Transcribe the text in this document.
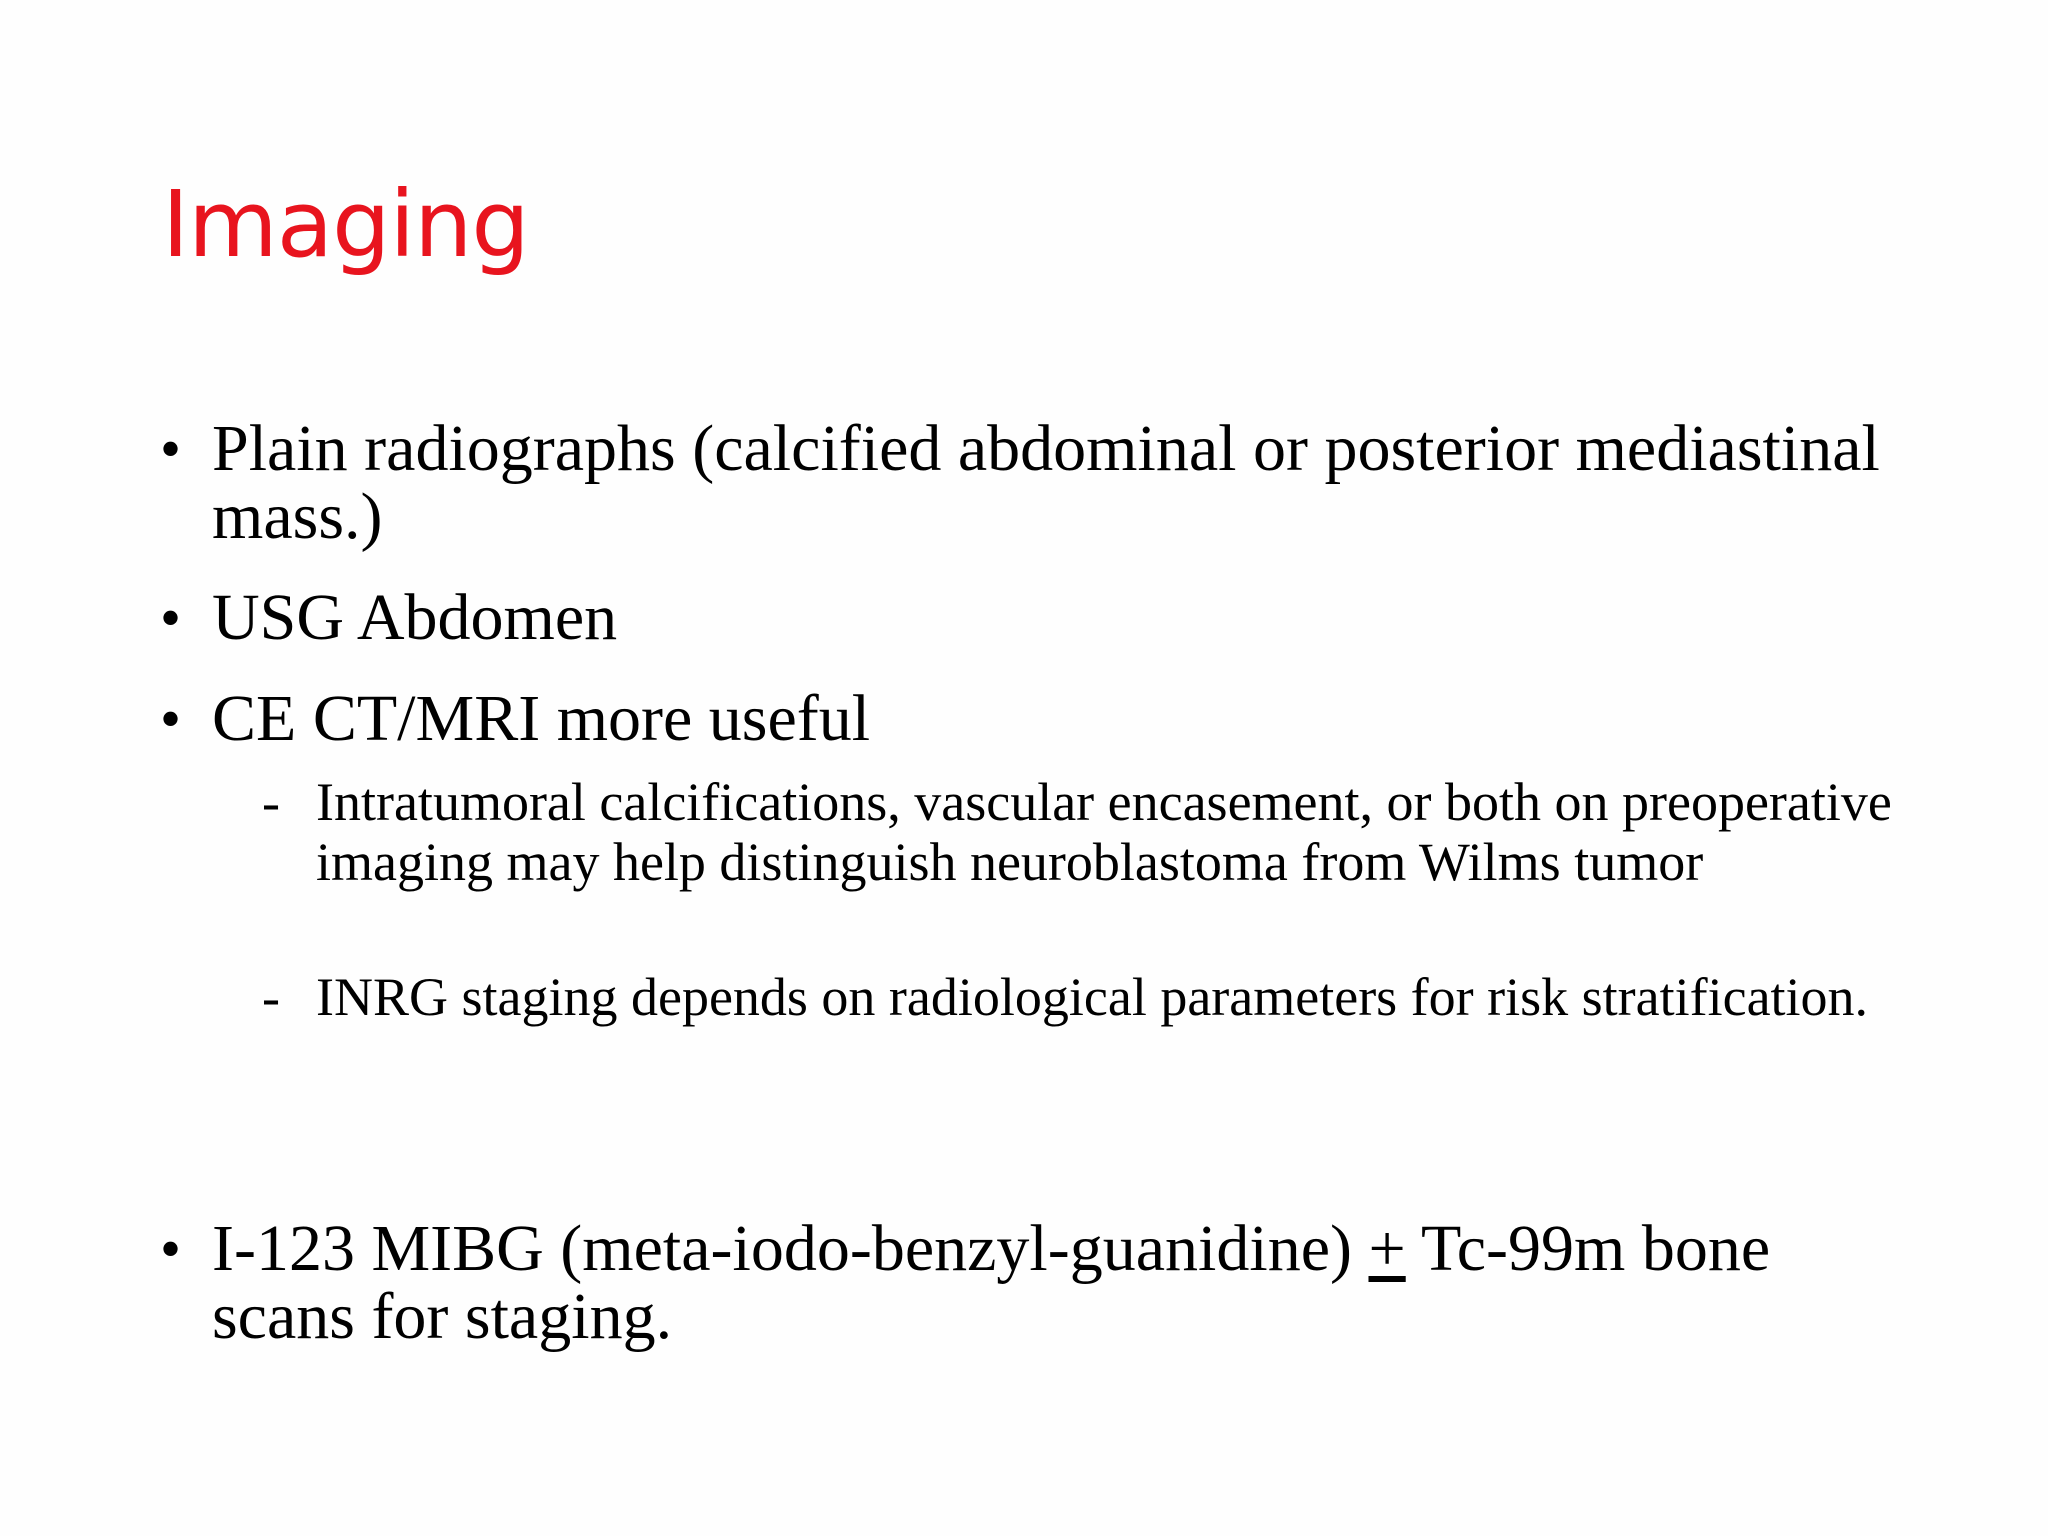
Imaging
• Plain radiographs (calcified abdominal or posterior mediastinal mass.)
• USG Abdomen
• CE CT/MRI more useful
- Intratumoral calcifications, vascular encasement, or both on preoperative imaging may help distinguish neuroblastoma from Wilms tumor
- INRG staging depends on radiological parameters for risk stratification.
• I-123 MIBG (meta-iodo-benzyl-guanidine) + Tc-99m bone scans for staging.
